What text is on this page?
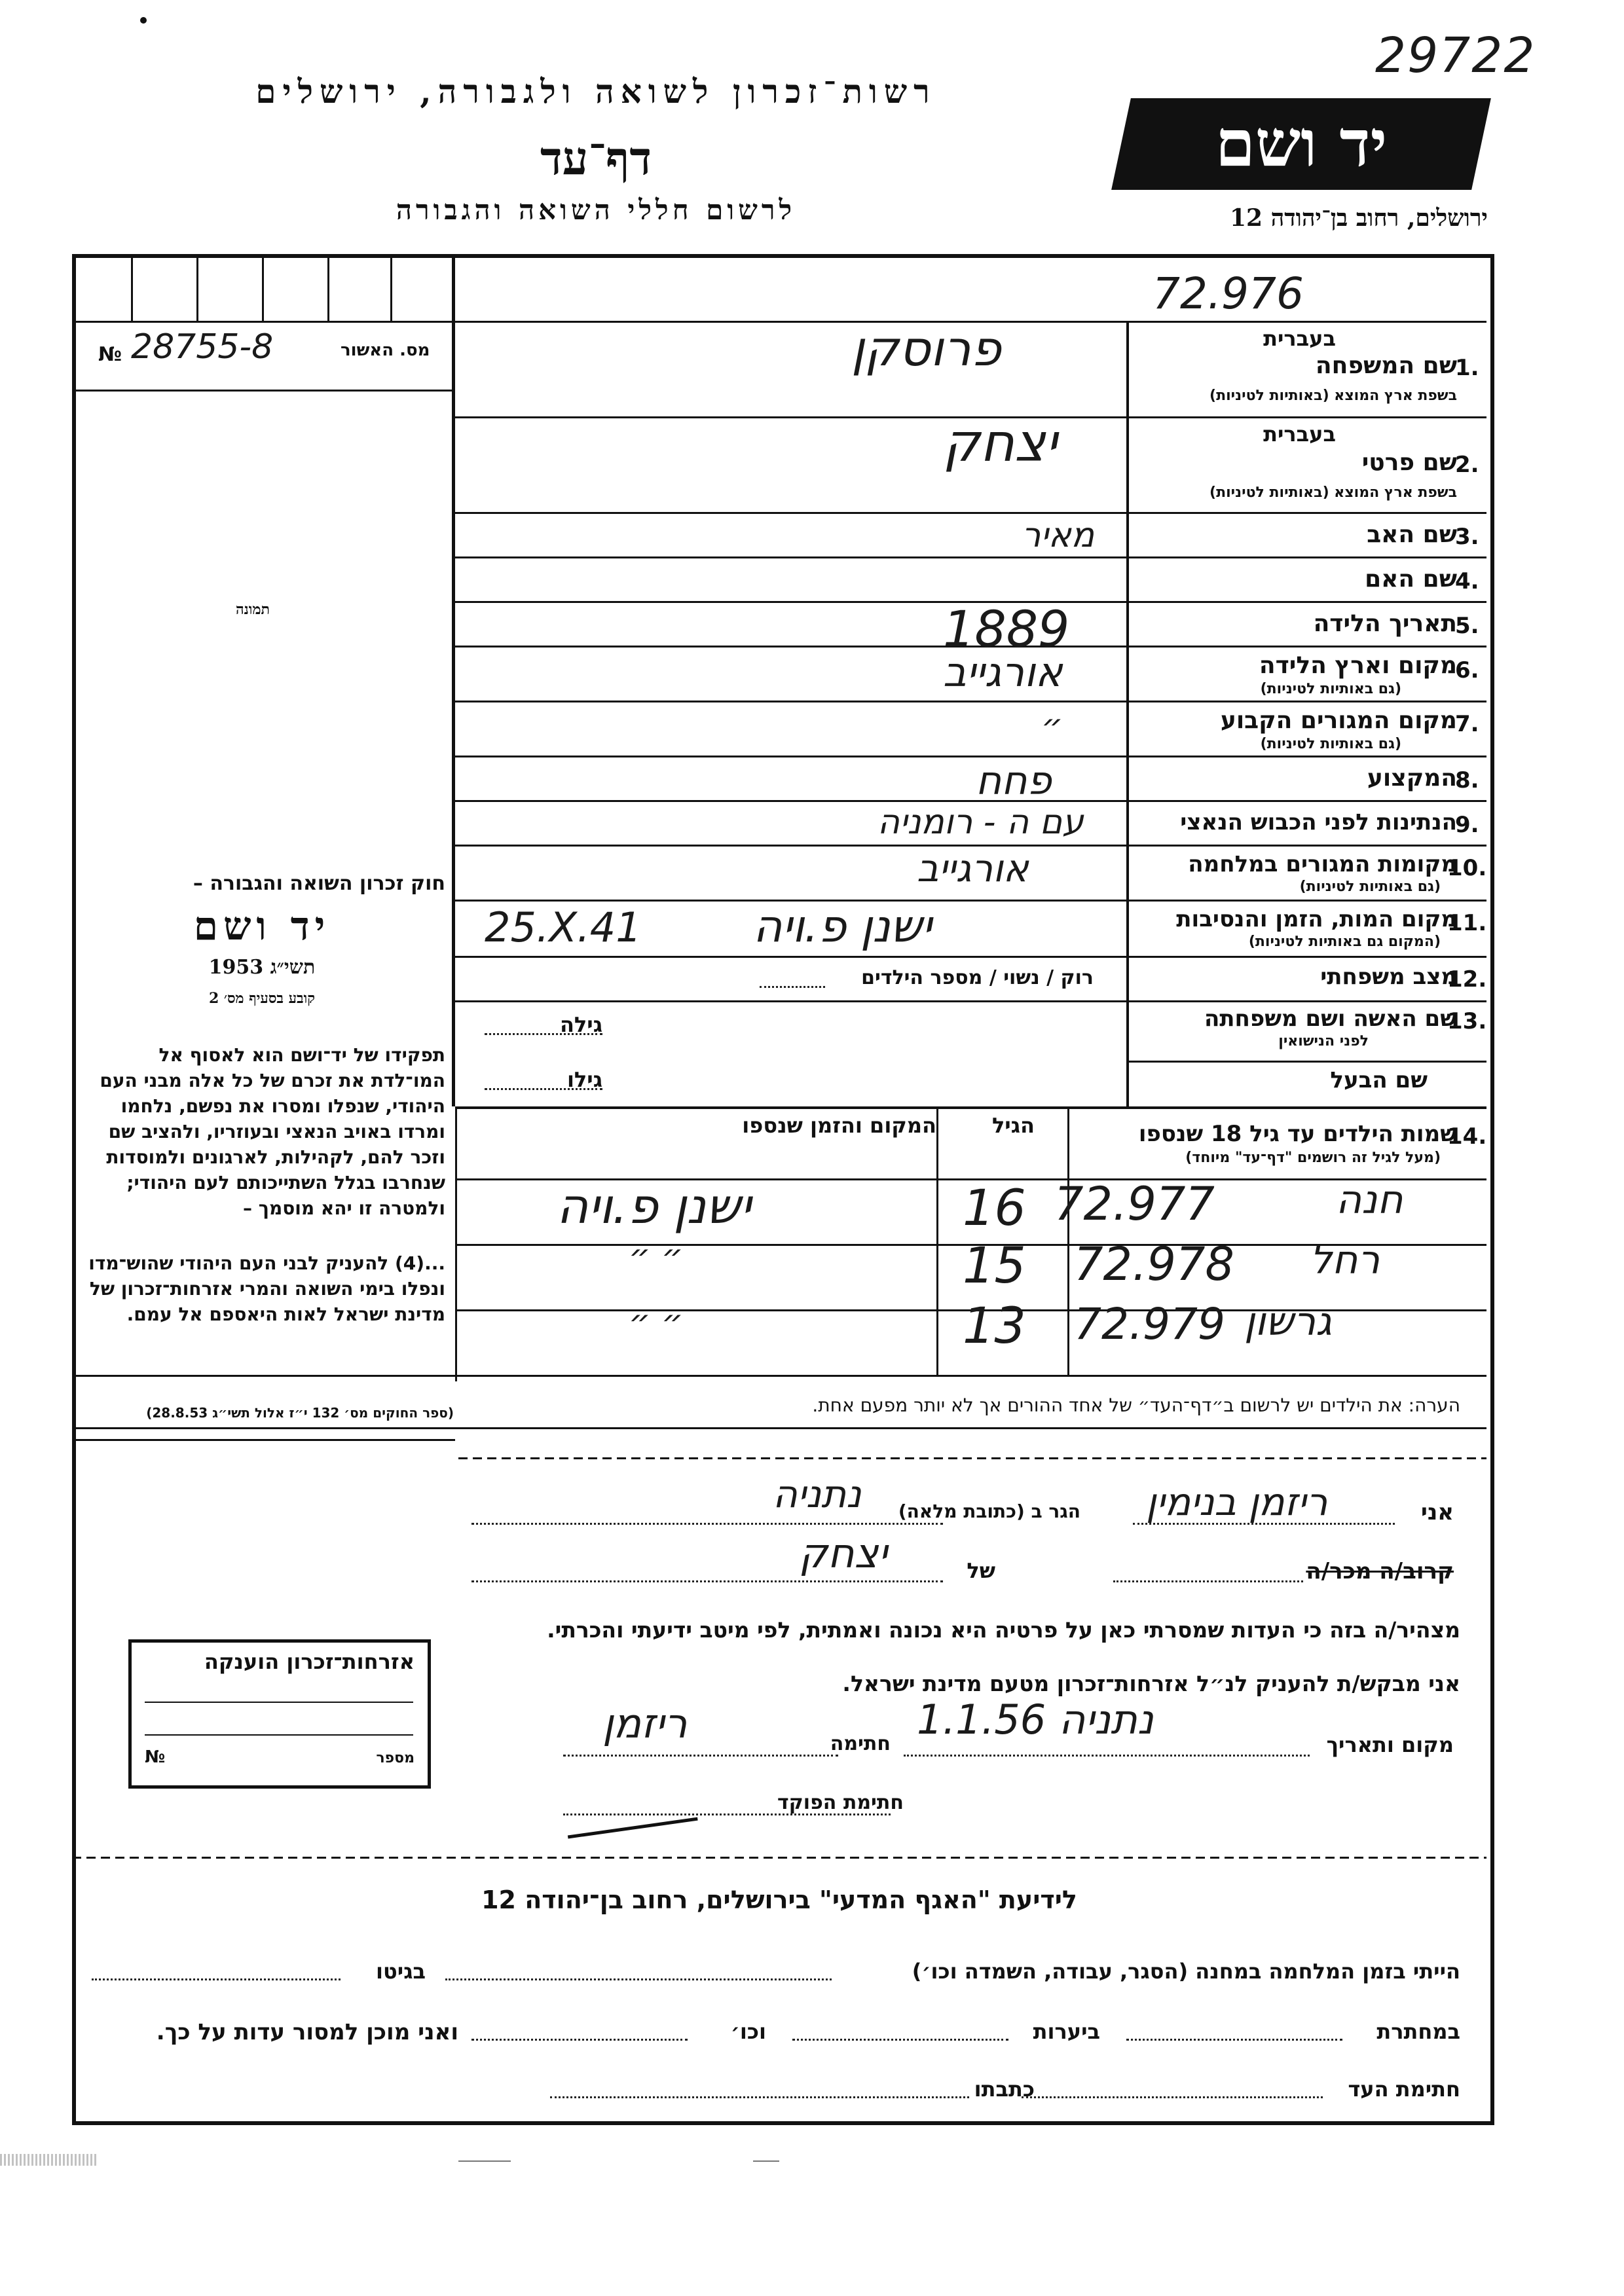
29722
רשות־זכרון לשואה ולגבורה, ירושלים
דף־עד
לרשום חללי השואה והגבורה
יד ושם
ירושלים, רחוב בן־יהודה 12
72.976
מס. האשור
28755-8
№
תמונה
בעברית
שם המשפחה
1.
בשפת ארץ המוצא (באותיות לטיניות)
פרוסקן
בעברית
שם פרטי
2.
בשפת ארץ המוצא (באותיות לטיניות)
יצחק
שם האב
3.
מאיר
שם האם
4.
תאריך הלידה
5.
1889
מקום וארץ הלידה
6.
(גם באותיות לטיניות)
אורגייב
מקום המגורים הקבוע
7.
(גם באותיות לטיניות)
״
המקצוע
8.
פחח
הנתינות לפני הכבוש הנאצי
9.
עם ה - רומניה
מקומות המגורים במלחמה
10.
(גם באותיות לטיניות)
אורגייב
מקום המות, הזמן והנסיבות
11.
(המקום גם באותיות לטיניות)
ישנן פ.ויה
25.X.41
מצב משפחתי
12.
רוק / נשוי / מספר הילדים
שם האשה ושם משפחתה
13.
לפני הנישואין
גילה
שם הבעל
גילו
חוק זכרון השואה והגבורה –
יד ושם
תשי״ג 1953
קובע בסעיף מס׳ 2
תפקידו של יד־ושם הוא לאסוף אל המו־לדת את זכרם של כל אלה מבני העם היהודי, שנפלו ומסרו את נפשם, נלחמו ומרדו באויב הנאצי ובעוזריו, ולהציב שם וזכר להם, לקהילות, לארגונים ולמוסדות שנחרבו בגלל השתייכותם לעם היהודי; ולמטרה זו יהא מוסמך –
...(4) להעניק לבני העם היהודי שהוש־מדו ונפלו בימי השואה והמרי אזרחות־זכרון של מדינת ישראל לאות היאספם אל עמם.
(ספר החוקים מס׳ 132 י״ז אלול תשי״ג 28.8.53)
שמות הילדים עד גיל 18 שנספו
14.
(מעל לגיל זה רושמים "דף־עד" מיוחד)
הגיל
המקום והזמן שנספו
72.977	חנה
16
ישנן פ.ויה
72.978 רחל
15
״ ״
72.979 גרשון
13
״ ״
הערה: את הילדים יש לרשום ב״דף־העד״ של אחד ההורים אך לא יותר מפעם אחת.
אני
ריזמן בנימין
הגר ב (כתובת מלאה)
נתניה
קרוב/ה מכר/ה
של
יצחק
מצהיר/ה בזה כי העדות שמסרתי כאן על פרטיה היא נכונה ואמתית, לפי מיטב ידיעתי והכרתי.
אני מבקש/ת להעניק לנ״ל אזרחות־זכרון מטעם מדינת ישראל.
מקום ותאריך
נתניה 1.1.56
חתימה
ריזמן
חתימת הפוקד
אזרחות־זכרון הוענקה
מספר
№
לידיעת "האגף המדעי" בירושלים, רחוב בן־יהודה 12
הייתי בזמן המלחמה במחנה (הסגר, עבודה, השמדה וכו׳)
בגיטו
במחתרת
ביערות
וכו׳
ואני מוכן למסור עדות על כך.
חתימת העד
כתבתו
